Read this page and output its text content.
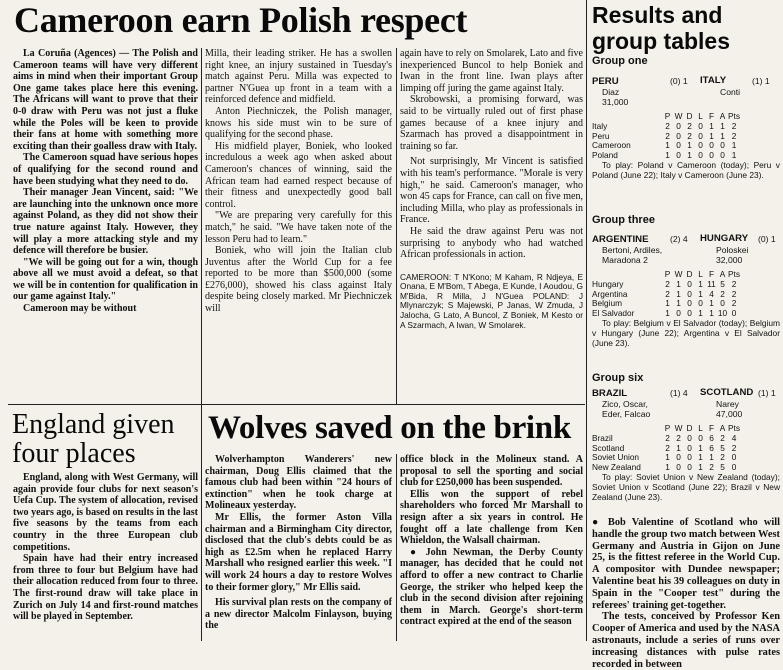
Cameroon earn Polish respect

La Coruña (Agences) — The Polish and Cameroon teams will have very different aims in mind when their important Group One game takes place here this evening. The Africans will want to prove that their 0-0 draw with Peru was not just a fluke while the Poles will be keen to provide their fans at home with something more exciting than their goalless draw with Italy.

The Cameroon squad have serious hopes of qualifying for the second round and have been studying what they need to do.

Their manager Jean Vincent, said: "We are launching into the unknown once more against Poland, as they did not show their true nature against Italy. However, they will play a more attacking style and my defence will therefore be busier.

"We will be going out for a win, though above all we must avoid a defeat, so that we will be in contention for qualification in our game against Italy."

Cameroon may be without

Milla, their leading striker. He has a swollen right knee, an injury sustained in Tuesday's match against Peru. Milla was expected to partner N'Guea up front in a team with a reinforced defence and midfield.

Anton Piechniczek, the Polish manager, knows his side must win to be sure of qualifying for the second phase.

His midfield player, Boniek, who looked incredulous a week ago when asked about Cameroon's chances of winning, said the African team had earned respect because of their fitness and unexpectedly good ball control.

"We are preparing very carefully for this match," he said. "We have taken note of the lesson Peru had to learn."

Boniek, who will join the Italian club Juventus after the World Cup for a fee reported to be more than $500,000 (some £276,000), showed his class against Italy despite being closely marked. Mr Piechniczek will

again have to rely on Smolarek, Lato and five inexperienced Buncol to help Boniek and Iwan in the front line. Iwan plays after limping off juring the game against Italy.

Skrobowski, a promising forward, was said to be virtually ruled out of first phase games because of a knee injury and Szarmach has proved a disappointment in training so far.

Not surprisingly, Mr Vincent is satisfied with his team's performance. "Morale is very high," he said. Cameroon's manager, who won 45 caps for France, can call on five men, including Milla, who play as professionals in France.

He said the draw against Peru was not surprising to anybody who had watched African professionals in action.

CAMEROON: T N'Kono; M Kaham, R Ndjeya, E Onana, E M'Bom, T Abega, E Kunde, I Aoudou, G M'Bida, R Milla, J N'Guea POLAND: J Mlynarczyk; S Majewski, P Janas, W Zmuda, J Jalocha, G Lato, A Buncol, Z Boniek, M Kesto or A Szarmach, A Iwan, W Smolarek.

England given
four places

England, along with West Germany, will again provide four clubs for next season's Uefa Cup. The system of allocation, revised two years ago, is based on results in the last five seasons by the teams from each country in the three European club competitions.

Spain have had their entry increased from three to four but Belgium have had their allocation reduced from four to three. The first-round draw will take place in Zurich on July 14 and first-round matches will be played in September.

Wolves saved on the brink

Wolverhampton Wanderers' new chairman, Doug Ellis claimed that the famous club had been within "24 hours of extinction" when he took charge at Molineaux yesterday.

Mr Ellis, the former Aston Villa chairman and a Birmingham City director, disclosed that the club's debts could be as high as £2.5m when he replaced Harry Marshall who resigned earlier this week. "I will work 24 hours a day to restore Wolves to their former glory," Mr Ellis said.

His survival plan rests on the company of a new director Malcolm Finlayson, buying the

office block in the Molineux stand. A proposal to sell the sporting and social club for £250,000 has been suspended.

Ellis won the support of rebel shareholders who forced Mr Marshall to resign after a six years in control. He fought off a late challenge from Ken Whieldon, the Walsall chairman.

● John Newman, the Derby County manager, has decided that he could not afford to offer a new contract to Charlie George, the striker who helped keep the club in the second division after rejoining them in March. George's short-term contract expired at the end of the season

Results and
group tables
Group one
PERU	(0) 1 ITALY	(1) 1
Diaz	Conti
31,000
	P	W	D	L	F	A	Pts
Italy	2	0	2	0	1	1	2
Peru	2	0	2	0	1	1	2
Cameroon	1	0	1	0	0	0	1
Poland	1	0	1	0	0	0	1
To play: Poland v Cameroon (today); Peru v Poland (June 22); Italy v Cameroon (June 23).
Group three
ARGENTINE	(2) 4 HUNGARY (0) 1
Bertoni, Ardiles,	Poloskei
Maradona 2	32,000
	P	W	D	L	F	A	Pts
Hungary	2	1	0	1	11	5	2
Argentina	2	1	0	1	4	2	2
Belgium	1	1	0	0	1	0	2
El Salvador	1	0	0	1	1	10	0
To play: Belgium v El Salvador (today); Belgium v Hungary (June 22); Argentina v El Salvador (June 23).
Group six
BRAZIL	(1) 4 SCOTLAND (1) 1
Zico, Oscar,	Narey
Eder, Falcao	47,000
	P	W	D	L	F	A	Pts
Brazil	2	2	0	0	6	2	4
Scotland	2	1	0	1	6	5	2
Soviet Union	1	0	0	1	1	2	0
New Zealand	1	0	0	1	2	5	0
To play: Soviet Union v New Zealand (today); Soviet Union v Scotland (June 22); Brazil v New Zealand (June 23).

● Bob Valentine of Scotland who will handle the group two match between West Germany and Austria in Gijon on June 25, is the fittest referee in the World Cup. A compositor with Dundee newspaper; Valentine beat his 39 colleagues on duty in Spain in the "Cooper test" during the referees' training get-together.

The tests, conceived by Professor Ken Cooper of America and used by the NASA astronauts, include a series of runs over increasing distances with pulse rates recorded in between
